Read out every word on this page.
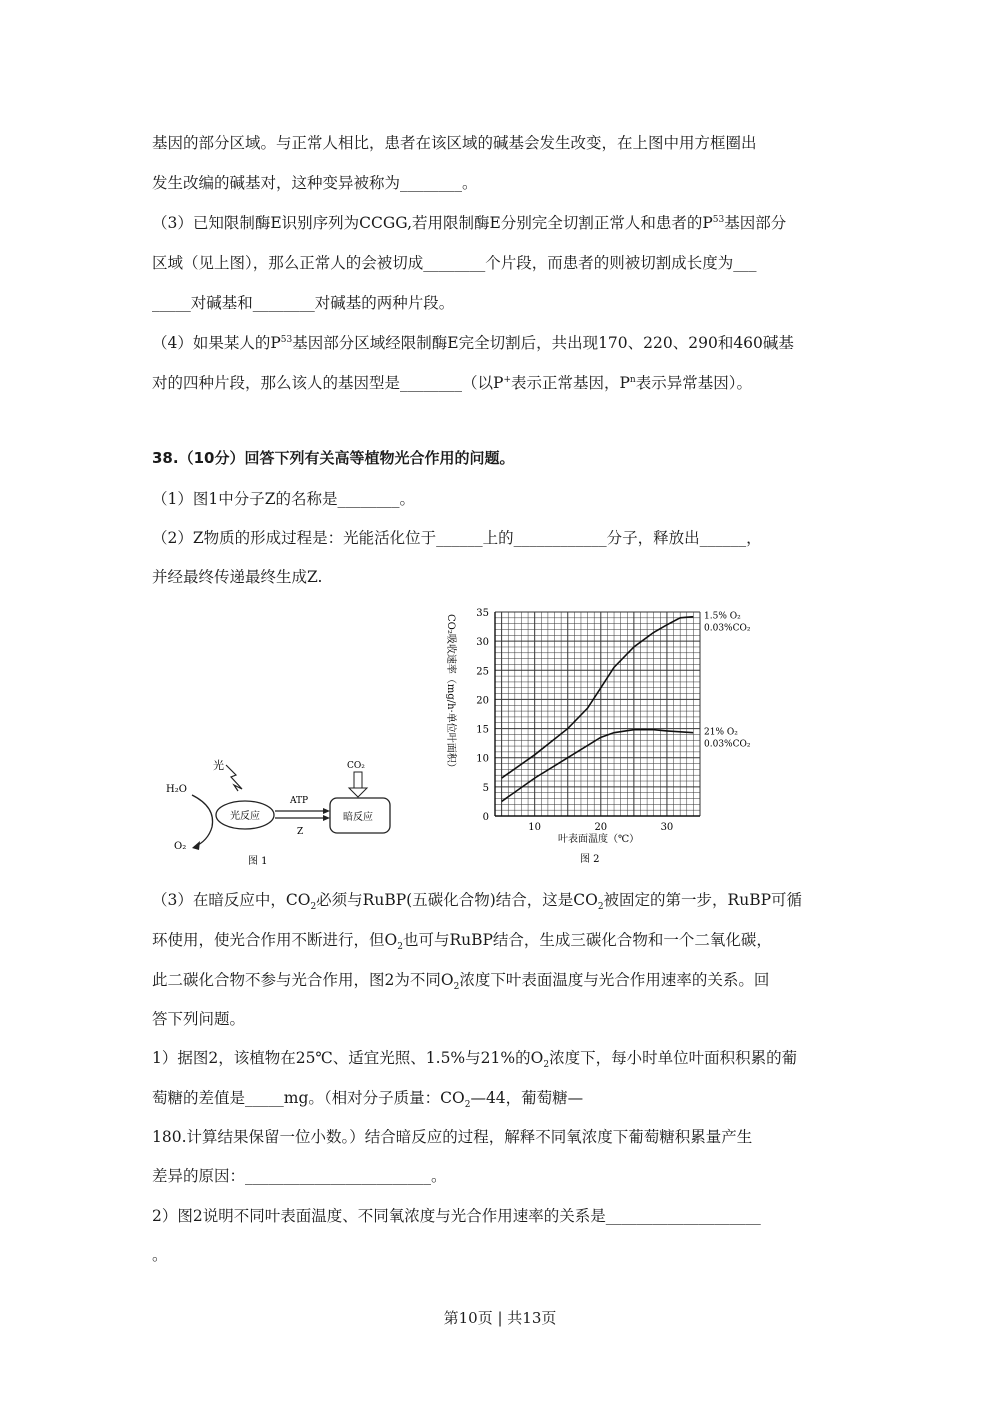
基因的部分区域。与正常人相比，患者在该区域的碱基会发生改变，在上图中用方框圈出
发生改编的碱基对，这种变异被称为________。
（3）已知限制酶E识别序列为CCGG,若用限制酶E分别完全切割正常人和患者的$P^{53}$基因部分
区域（见上图），那么正常人的会被切成________个片段，而患者的则被切割成长度为___
_____对碱基和________对碱基的两种片段。
（4）如果某人的$P^{53}$基因部分区域经限制酶E完全切割后，共出现170、220、290和460碱基
对的四种片段，那么该人的基因型是________（以P+表示正常基因，$P^n$表示异常基因）。
38.（10分）回答下列有关高等植物光合作用的问题。
（1）图1中分子Z的名称是________。
（2）Z物质的形成过程是：光能活化位于______上的____________分子，释放出______，
并经最终传递最终生成Z.
H₂O
光
O₂
光反应	暗反应
ATP
Z
CO₂
图 1
0
5
10
15
20
25
30
35
10	20	30
1.5% O₂
0.03%CO₂
21% O₂
0.03%CO₂
叶表面温度（℃）
CO₂吸收速率（mg/h·单位叶面积）
图 2
（3）在暗反应中，$CO_2$必须与RuBP(五碳化合物)结合，这是$CO_2$被固定的第一步，RuBP可循
环使用，使光合作用不断进行，但$O_2$也可与RuBP结合，生成三碳化合物和一个二氧化碳，
此二碳化合物不参与光合作用，图2为不同$O_2$浓度下叶表面温度与光合作用速率的关系。回
答下列问题。
1）据图2，该植物在25℃、适宜光照、1.5%与21%的$O_2$浓度下，每小时单位叶面积积累的葡
萄糖的差值是_____mg。（相对分子质量：$CO_2—44$，葡萄糖—
180.计算结果保留一位小数。）结合暗反应的过程，解释不同氧浓度下葡萄糖积累量产生
差异的原因：________________________。
2）图2说明不同叶表面温度、不同氧浓度与光合作用速率的关系是____________________
。
第10页 | 共13页
